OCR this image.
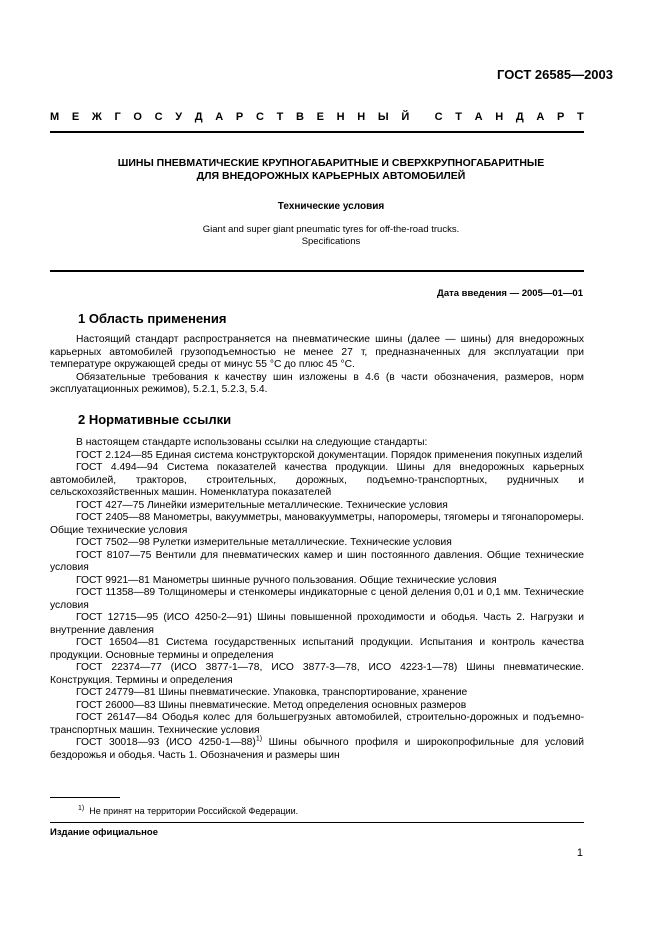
ГОСТ 26585—2003
М Е Ж Г О С У Д А Р С Т В Е Н Н Ы Й С Т А Н Д А Р Т
ШИНЫ ПНЕВМАТИЧЕСКИЕ КРУПНОГАБАРИТНЫЕ И СВЕРХКРУПНОГАБАРИТНЫЕ
ДЛЯ ВНЕДОРОЖНЫХ КАРЬЕРНЫХ АВТОМОБИЛЕЙ
Технические условия
Giant and super giant pneumatic tyres for off-the-road trucks.
Specifications
Дата введения — 2005—01—01
1 Область применения

Настоящий стандарт распространяется на пневматические шины (далее — шины) для внедорожных карьерных автомобилей грузоподъемностью не менее 27 т, предназначенных для эксплуатации при температуре окружающей среды от минус 55 °С до плюс 45 °С.

Обязательные требования к качеству шин изложены в 4.6 (в части обозначения, размеров, норм эксплуатационных режимов), 5.2.1, 5.2.3, 5.4.

2 Нормативные ссылки

В настоящем стандарте использованы ссылки на следующие стандарты:

ГОСТ 2.124—85 Единая система конструкторской документации. Порядок применения покупных изделий

ГОСТ 4.494—94 Система показателей качества продукции. Шины для внедорожных карьерных автомобилей, тракторов, строительных, дорожных, подъемно-транспортных, рудничных и сельскохозяйственных машин. Номенклатура показателей

ГОСТ 427—75 Линейки измерительные металлические. Технические условия

ГОСТ 2405—88 Манометры, вакуумметры, мановакуумметры, напоромеры, тягомеры и тягонапоромеры. Общие технические условия

ГОСТ 7502—98 Рулетки измерительные металлические. Технические условия

ГОСТ 8107—75 Вентили для пневматических камер и шин постоянного давления. Общие технические условия

ГОСТ 9921—81 Манометры шинные ручного пользования. Общие технические условия

ГОСТ 11358—89 Толщиномеры и стенкомеры индикаторные с ценой деления 0,01 и 0,1 мм. Технические условия

ГОСТ 12715—95 (ИСО 4250-2—91) Шины повышенной проходимости и ободья. Часть 2. Нагрузки и внутренние давления

ГОСТ 16504—81 Система государственных испытаний продукции. Испытания и контроль качества продукции. Основные термины и определения

ГОСТ 22374—77 (ИСО 3877-1—78, ИСО 3877-3—78, ИСО 4223-1—78) Шины пневматические. Конструкция. Термины и определения

ГОСТ 24779—81 Шины пневматические. Упаковка, транспортирование, хранение

ГОСТ 26000—83 Шины пневматические. Метод определения основных размеров

ГОСТ 26147—84 Ободья колес для большегрузных автомобилей, строительно-дорожных и подъемно-транспортных машин. Технические условия

ГОСТ 30018—93 (ИСО 4250-1—88)$^{1)}$ Шины обычного профиля и широкопрофильные для условий бездорожья и ободья. Часть 1. Обозначения и размеры шин

$^{1)}$ Не принят на территории Российской Федерации.
Издание официальное
1
